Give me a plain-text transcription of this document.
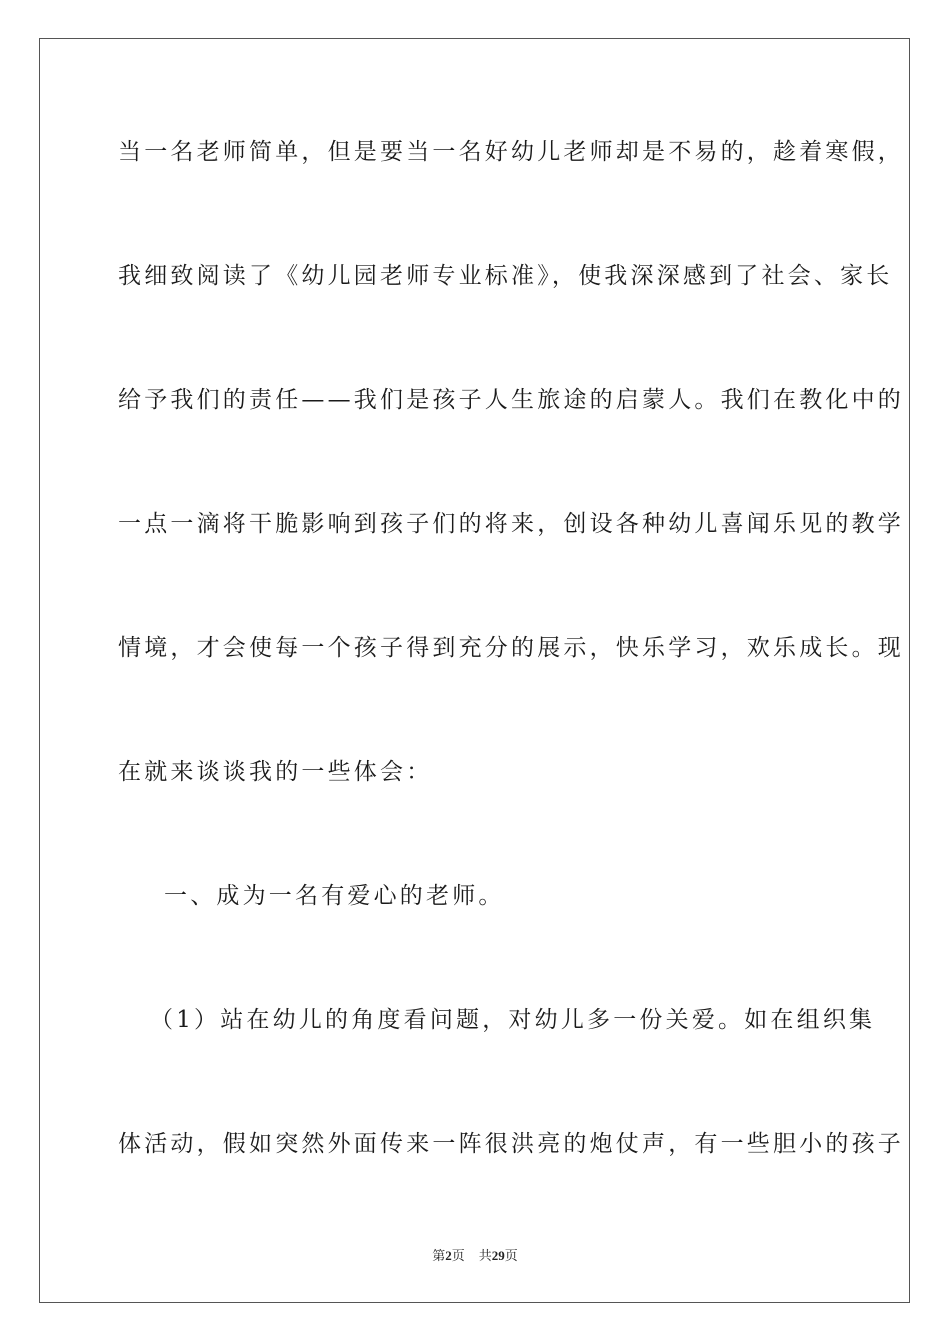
当一名老师简单，但是要当一名好幼儿老师却是不易的，趁着寒假，
我细致阅读了《幼儿园老师专业标准》，使我深深感到了社会、家长
给予我们的责任——我们是孩子人生旅途的启蒙人。我们在教化中的
一点一滴将干脆影响到孩子们的将来，创设各种幼儿喜闻乐见的教学
情境，才会使每一个孩子得到充分的展示，快乐学习，欢乐成长。现
在就来谈谈我的一些体会：
一、成为一名有爱心的老师。
（1）站在幼儿的角度看问题，对幼儿多一份关爱。如在组织集
体活动，假如突然外面传来一阵很洪亮的炮仗声，有一些胆小的孩子
第2页 共29页
